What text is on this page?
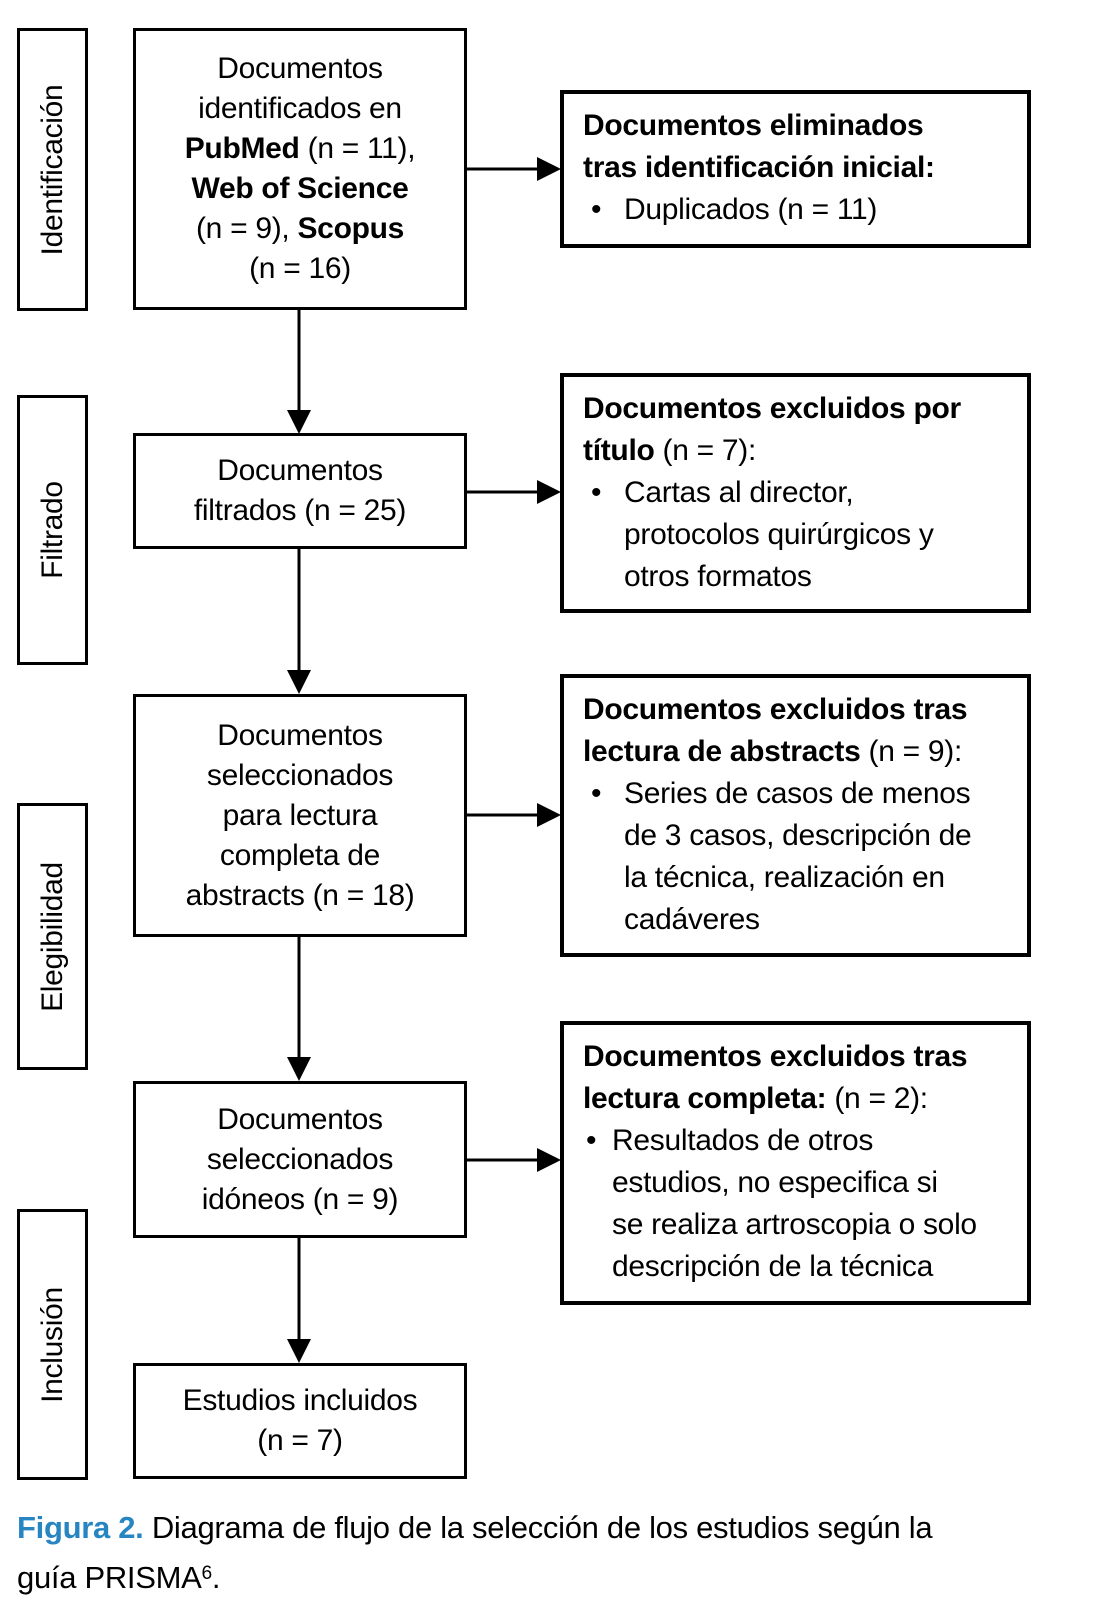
Identificación
Filtrado
Elegibilidad
Inclusión
Documentos
identificados en
PubMed (n = 11),
Web of Science
(n = 9), Scopus
(n = 16)
Documentos
filtrados (n = 25)
Documentos
seleccionados
para lectura
completa de
abstracts (n = 18)
Documentos
seleccionados
idóneos (n = 9)
Estudios incluidos
(n = 7)
Documentos eliminados
tras identificación inicial:
• Duplicados (n = 11)
Documentos excluidos por
título (n = 7):
• Cartas al director,
protocolos quirúrgicos y
otros formatos
Documentos excluidos tras
lectura de abstracts (n = 9):
• Series de casos de menos
de 3 casos, descripción de
la técnica, realización en
cadáveres
Documentos excluidos tras
lectura completa: (n = 2):
• Resultados de otros
estudios, no especifica si
se realiza artroscopia o solo
descripción de la técnica
Figura 2. Diagrama de flujo de la selección de los estudios según la
guía PRISMA$^6$.
